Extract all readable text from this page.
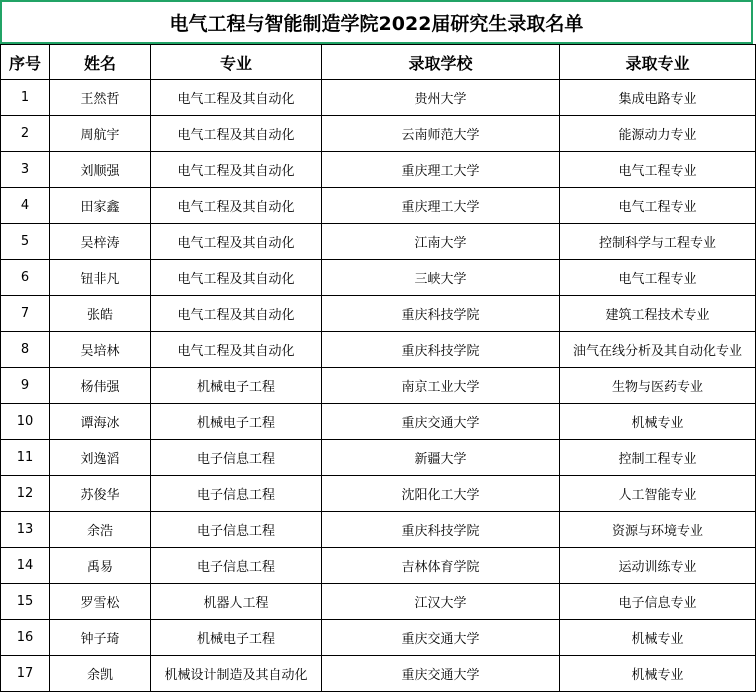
电气工程与智能制造学院2022届研究生录取名单
序号	姓名	专业	录取学校	录取专业
1	王然哲	电气工程及其自动化	贵州大学	集成电路专业
2	周航宇	电气工程及其自动化	云南师范大学	能源动力专业
3	刘顺强	电气工程及其自动化	重庆理工大学	电气工程专业
4	田家鑫	电气工程及其自动化	重庆理工大学	电气工程专业
5	吴梓涛	电气工程及其自动化	江南大学	控制科学与工程专业
6	钮非凡	电气工程及其自动化	三峡大学	电气工程专业
7	张皓	电气工程及其自动化	重庆科技学院	建筑工程技术专业
8	吴培林	电气工程及其自动化	重庆科技学院	油气在线分析及其自动化专业
9	杨伟强	机械电子工程	南京工业大学	生物与医药专业
10	谭海冰	机械电子工程	重庆交通大学	机械专业
11	刘逸滔	电子信息工程	新疆大学	控制工程专业
12	苏俊华	电子信息工程	沈阳化工大学	人工智能专业
13	余浩	电子信息工程	重庆科技学院	资源与环境专业
14	禹易	电子信息工程	吉林体育学院	运动训练专业
15	罗雪松	机器人工程	江汉大学	电子信息专业
16	钟子琦	机械电子工程	重庆交通大学	机械专业
17	余凯	机械设计制造及其自动化	重庆交通大学	机械专业
